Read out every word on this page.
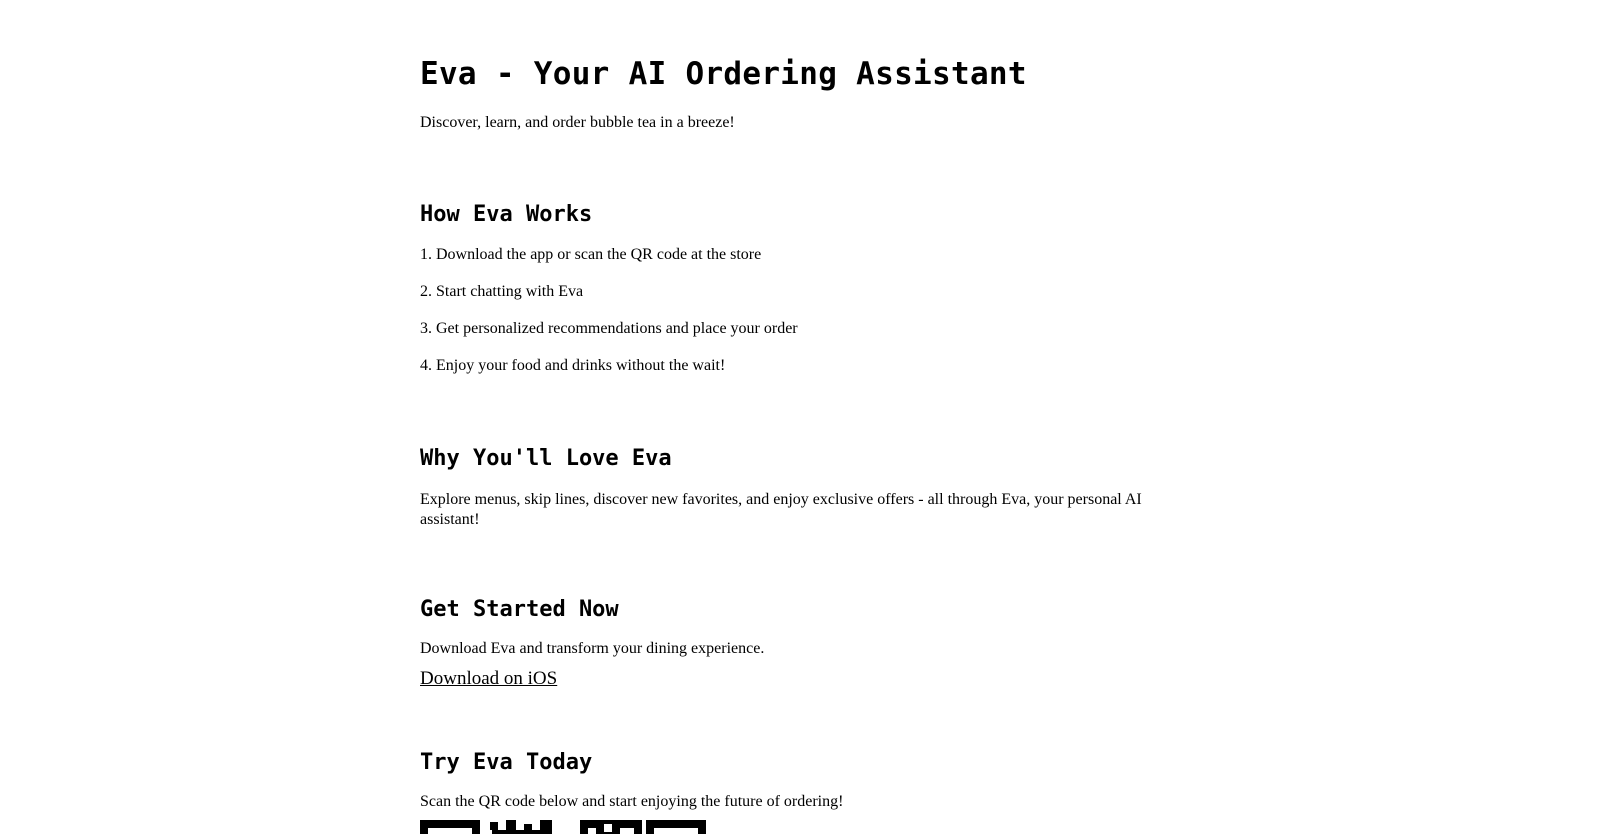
Eva - Your AI Ordering Assistant

Discover, learn, and order bubble tea in a breeze!

How Eva Works

1. Download the app or scan the QR code at the store

2. Start chatting with Eva

3. Get personalized recommendations and place your order

4. Enjoy your food and drinks without the wait!

Why You'll Love Eva

Explore menus, skip lines, discover new favorites, and enjoy exclusive offers - all through Eva, your personal AI assistant!

Get Started Now

Download Eva and transform your dining experience.

Download on iOS
Try Eva Today

Scan the QR code below and start enjoying the future of ordering!
